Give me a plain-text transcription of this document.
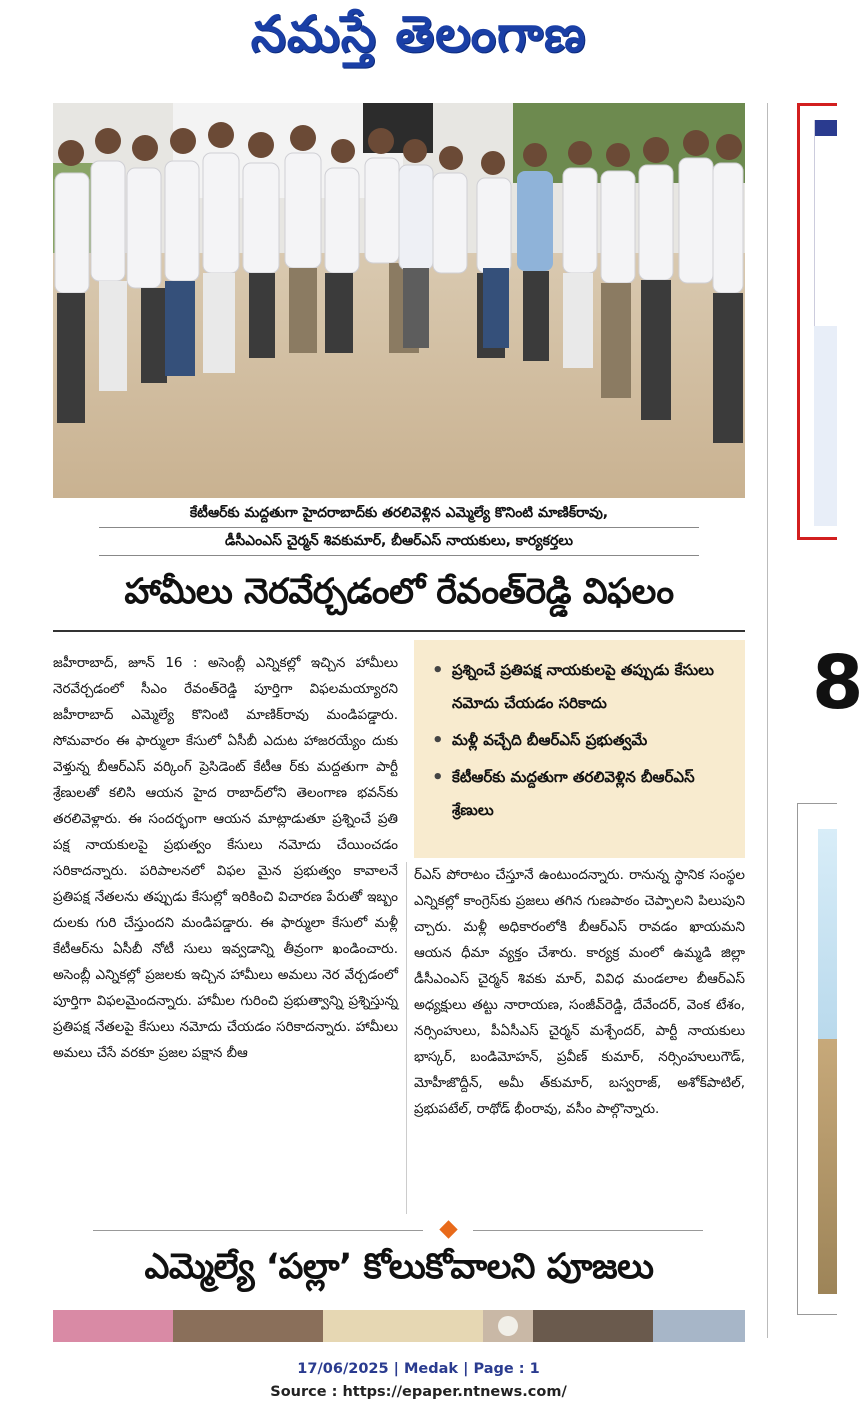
నమస్తే తెలంగాణ
కేటీఆర్‌కు మద్దతుగా హైదరాబాద్‌కు తరలివెళ్లిన ఎమ్మెల్యే కొనింటి మాణిక్‌రావు,
డీసీఎంఎస్ చైర్మన్ శివకుమార్, బీఆర్ఎస్ నాయకులు, కార్యకర్తలు
8
హామీలు నెరవేర్చడంలో రేవంత్‌రెడ్డి విఫలం

జహీరాబాద్, జూన్ 16 : అసెంబ్లీ ఎన్నికల్లో ఇచ్చిన హామీలు నెరవేర్చడంలో సీఎం రేవంత్‌రెడ్డి పూర్తిగా విఫలమయ్యారని జహీరాబాద్ ఎమ్మెల్యే కొనింటి మాణిక్‌రావు మండిపడ్డారు. సోమవారం ఈ ఫార్ములా కేసులో ఏసీబీ ఎదుట హాజరయ్యేం దుకు వెళ్తున్న బీఆర్ఎస్ వర్కింగ్ ప్రెసిడెంట్ కేటీఆ ర్‌కు మద్దతుగా పార్టీ శ్రేణులతో కలిసి ఆయన హైద రాబాద్‌లోని తెలంగాణ భవన్‌కు తరలివెళ్లారు. ఈ సందర్భంగా ఆయన మాట్లాడుతూ ప్రశ్నించే ప్రతి పక్ష నాయకులపై ప్రభుత్వం కేసులు నమోదు చేయించడం సరికాదన్నారు. పరిపాలనలో విఫల మైన ప్రభుత్వం కావాలనే ప్రతిపక్ష నేతలను తప్పుడు కేసుల్లో ఇరికించి విచారణ పేరుతో ఇబ్బం దులకు గురి చేస్తుందని మండిపడ్డారు. ఈ ఫార్ములా కేసులో మళ్లీ కేటీఆర్‌ను ఏసీబీ నోటీ సులు ఇవ్వడాన్ని తీవ్రంగా ఖండించారు. అసెంబ్లీ ఎన్నికల్లో ప్రజలకు ఇచ్చిన హామీలు అమలు నెర వేర్చడంలో పూర్తిగా విఫలమైందన్నారు. హామీల గురించి ప్రభుత్వాన్ని ప్రశ్నిస్తున్న ప్రతిపక్ష నేతలపై కేసులు నమోదు చేయడం సరికాదన్నారు. హామీలు అమలు చేసే వరకూ ప్రజల పక్షాన బీఆ

• ప్రశ్నించే ప్రతిపక్ష నాయకులపై తప్పుడు కేసులు నమోదు చేయడం సరికాదు
• మళ్లీ వచ్చేది బీఆర్ఎస్ ప్రభుత్వమే
• కేటీఆర్‌కు మద్దతుగా తరలివెళ్లిన బీఆర్ఎస్ శ్రేణులు

ర్ఎస్ పోరాటం చేస్తూనే ఉంటుందన్నారు. రానున్న స్థానిక సంస్థల ఎన్నికల్లో కాంగ్రెస్‌కు ప్రజలు తగిన గుణపాఠం చెప్పాలని పిలుపుని చ్చారు. మళ్లీ అధికారంలోకి బీఆర్ఎస్ రావడం ఖాయమని ఆయన ధీమా వ్యక్తం చేశారు. కార్యక్ర మంలో ఉమ్మడి జిల్లా డీసీఎంఎస్ చైర్మన్ శివకు మార్, వివిధ మండలాల బీఆర్ఎస్ అధ్యక్షులు తట్టు నారాయణ, సంజీవ్‌రెడ్డి, దేవేందర్, వెంక టేశం, నర్సింహులు, పీఏసీఎస్ చైర్మన్ మశ్చేందర్, పార్టీ నాయకులు భాస్కర్, బండిమోహన్, ప్రవీణ్ కుమార్, నర్సింహులుగౌడ్, మోహీజొద్దీన్, అమీ త్‌కుమార్, బస్వరాజ్, అశోక్‌పాటిల్, ప్రభుపటేల్, రాథోడ్ భీంరావు, వసీం పాల్గొన్నారు.

ఎమ్మెల్యే ‘పల్లా’ కోలుకోవాలని పూజలు
17/06/2025 | Medak | Page : 1
Source : https://epaper.ntnews.com/
